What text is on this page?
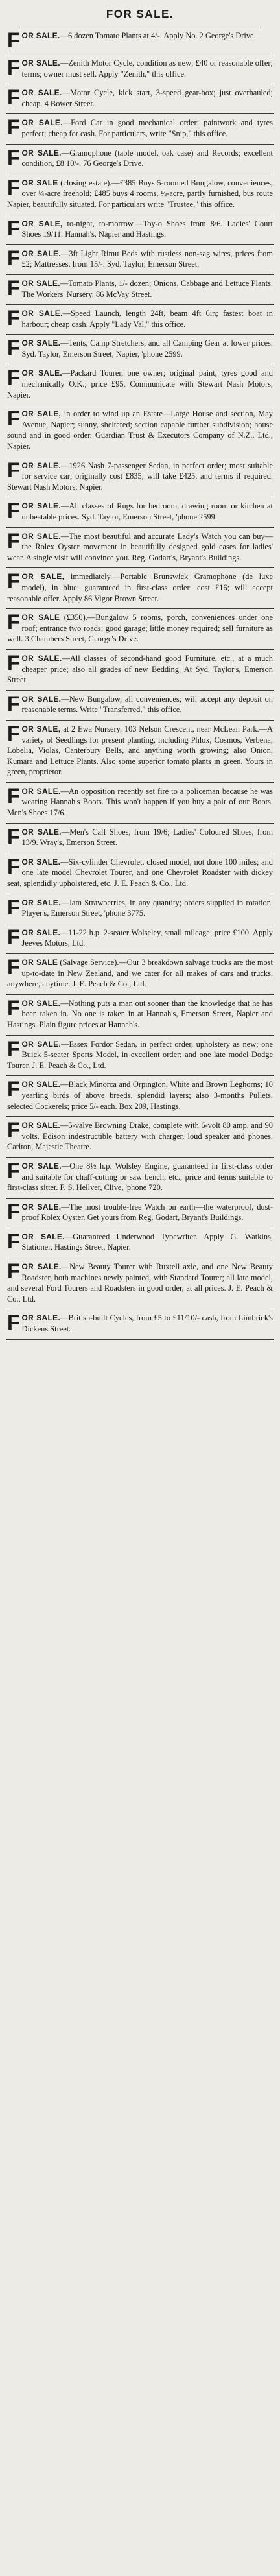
FOR SALE.
FOR SALE.—6 dozen Tomato Plants at 4/-. Apply No. 2 George's Drive.
FOR SALE.—Zenith Motor Cycle, condition as new; £40 or reasonable offer; terms; owner must sell. Apply "Zenith," this office.
FOR SALE.—Motor Cycle, kick start, 3-speed gear-box; just overhauled; cheap. 4 Bower Street.
FOR SALE.—Ford Car in good mechanical order; paintwork and tyres perfect; cheap for cash. For particulars, write "Snip," this office.
FOR SALE.—Gramophone (table model, oak case) and Records; excellent condition, £8 10/-. 76 George's Drive.
FOR SALE (closing estate).—£385 Buys 5-roomed Bungalow, conveniences, over ¼-acre freehold; £485 buys 4 rooms, ½-acre, partly furnished, bus route Napier, beautifully situated. For particulars write "Trustee," this office.
FOR SALE, to-night, to-morrow.—Toy-o Shoes from 8/6. Ladies' Court Shoes 19/11. Hannah's, Napier and Hastings.
FOR SALE.—3ft Light Rimu Beds with rustless non-sag wires, prices from £2; Mattresses, from 15/-. Syd. Taylor, Emerson Street.
FOR SALE.—Tomato Plants, 1/- dozen; Onions, Cabbage and Lettuce Plants. The Workers' Nursery, 86 McVay Street.
FOR SALE.—Speed Launch, length 24ft, beam 4ft 6in; fastest boat in harbour; cheap cash. Apply "Lady Val," this office.
FOR SALE.—Tents, Camp Stretchers, and all Camping Gear at lower prices. Syd. Taylor, Emerson Street, Napier, 'phone 2599.
FOR SALE.—Packard Tourer, one owner; original paint, tyres good and mechanically O.K.; price £95. Communicate with Stewart Nash Motors, Napier.
FOR SALE, in order to wind up an Estate—Large House and section, May Avenue, Napier; sunny, sheltered; section capable further subdivision; house sound and in good order. Guardian Trust & Executors Company of N.Z., Ltd., Napier.
FOR SALE.—1926 Nash 7-passenger Sedan, in perfect order; most suitable for service car; originally cost £835; will take £425, and terms if required. Stewart Nash Motors, Napier.
FOR SALE.—All classes of Rugs for bedroom, drawing room or kitchen at unbeatable prices. Syd. Taylor, Emerson Street, 'phone 2599.
FOR SALE.—The most beautiful and accurate Lady's Watch you can buy—the Rolex Oyster movement in beautifully designed gold cases for ladies' wear. A single visit will convince you. Reg. Godart's, Bryant's Buildings.
FOR SALE, immediately.—Portable Brunswick Gramophone (de luxe model), in blue; guaranteed in first-class order; cost £16; will accept reasonable offer. Apply 86 Vigor Brown Street.
FOR SALE (£350).—Bungalow 5 rooms, porch, conveniences under one roof; entrance two roads; good garage; little money required; sell furniture as well. 3 Chambers Street, George's Drive.
FOR SALE.—All classes of second-hand good Furniture, etc., at a much cheaper price; also all grades of new Bedding. At Syd. Taylor's, Emerson Street.
FOR SALE.—New Bungalow, all conveniences; will accept any deposit on reasonable terms. Write "Transferred," this office.
FOR SALE, at 2 Ewa Nursery, 103 Nelson Crescent, near McLean Park.—A variety of Seedlings for present planting, including Phlox, Cosmos, Verbena, Lobelia, Violas, Canterbury Bells, and anything worth growing; also Onion, Kumara and Lettuce Plants. Also some superior tomato plants in green. Yours in green, proprietor.
FOR SALE.—An opposition recently set fire to a policeman because he was wearing Hannah's Boots. This won't happen if you buy a pair of our Boots. Men's Shoes 17/6.
FOR SALE.—Men's Calf Shoes, from 19/6; Ladies' Coloured Shoes, from 13/9. Wray's, Emerson Street.
FOR SALE.—Six-cylinder Chevrolet, closed model, not done 100 miles; and one late model Chevrolet Tourer, and one Chevrolet Roadster with dickey seat, splendidly upholstered, etc. J. E. Peach & Co., Ltd.
FOR SALE.—Jam Strawberries, in any quantity; orders supplied in rotation. Player's, Emerson Street, 'phone 3775.
FOR SALE.—11-22 h.p. 2-seater Wolseley, small mileage; price £100. Apply Jeeves Motors, Ltd.
FOR SALE (Salvage Service).—Our 3 breakdown salvage trucks are the most up-to-date in New Zealand, and we cater for all makes of cars and trucks, anywhere, anytime. J. E. Peach & Co., Ltd.
FOR SALE.—Nothing puts a man out sooner than the knowledge that he has been taken in. No one is taken in at Hannah's, Emerson Street, Napier and Hastings. Plain figure prices at Hannah's.
FOR SALE.—Essex Fordor Sedan, in perfect order, upholstery as new; one Buick 5-seater Sports Model, in excellent order; and one late model Dodge Tourer. J. E. Peach & Co., Ltd.
FOR SALE.—Black Minorca and Orpington, White and Brown Leghorns; 10 yearling birds of above breeds, splendid layers; also 3-months Pullets, selected Cockerels; price 5/- each. Box 209, Hastings.
FOR SALE.—5-valve Browning Drake, complete with 6-volt 80 amp. and 90 volts, Edison indestructible battery with charger, loud speaker and phones. Carlton, Majestic Theatre.
FOR SALE.—One 8½ h.p. Wolsley Engine, guaranteed in first-class order and suitable for chaff-cutting or saw bench, etc.; price and terms suitable to first-class sitter. F. S. Hellver, Clive, 'phone 720.
FOR SALE.—The most trouble-free Watch on earth—the waterproof, dust-proof Rolex Oyster. Get yours from Reg. Godart, Bryant's Buildings.
FOR SALE.—Guaranteed Underwood Typewriter. Apply G. Watkins, Stationer, Hastings Street, Napier.
FOR SALE.—New Beauty Tourer with Ruxtell axle, and one New Beauty Roadster, both machines newly painted, with Standard Tourer; all late model, and several Ford Tourers and Roadsters in good order, at all prices. J. E. Peach & Co., Ltd.
FOR SALE.—British-built Cycles, from £5 to £11/10/- cash, from Limbrick's Dickens Street.
